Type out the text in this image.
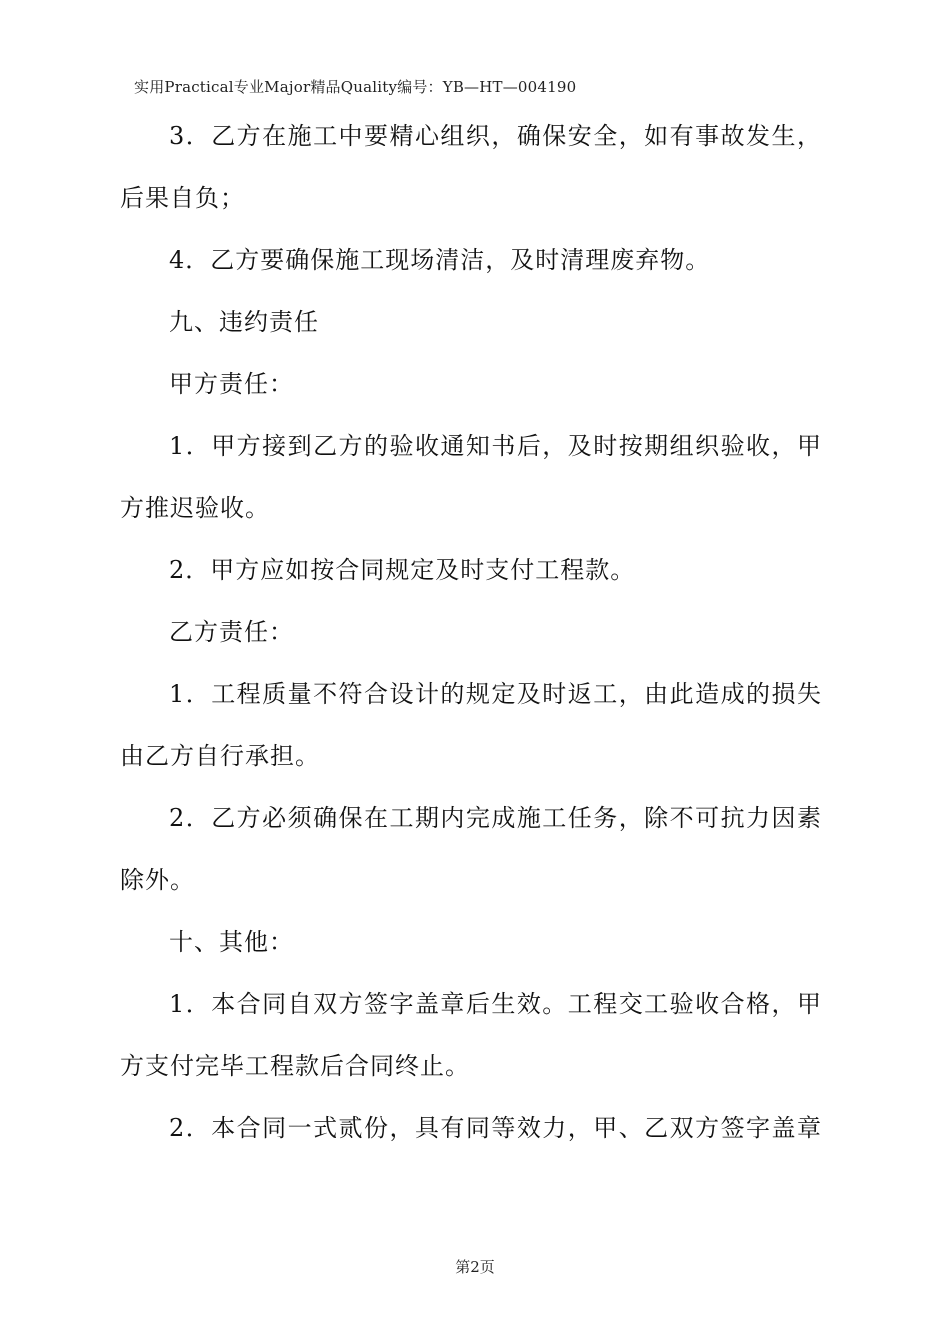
实用Practical专业Major精品Quality编号：YB—HT—004190
3．乙方在施工中要精心组织，确保安全，如有事故发生，
后果自负；
4．乙方要确保施工现场清洁，及时清理废弃物。
九、违约责任
甲方责任：
1．甲方接到乙方的验收通知书后，及时按期组织验收，甲
方推迟验收。
2．甲方应如按合同规定及时支付工程款。
乙方责任：
1．工程质量不符合设计的规定及时返工，由此造成的损失
由乙方自行承担。
2．乙方必须确保在工期内完成施工任务，除不可抗力因素
除外。
十、其他：
1．本合同自双方签字盖章后生效。工程交工验收合格，甲
方支付完毕工程款后合同终止。
2．本合同一式贰份，具有同等效力，甲、乙双方签字盖章
第2页
